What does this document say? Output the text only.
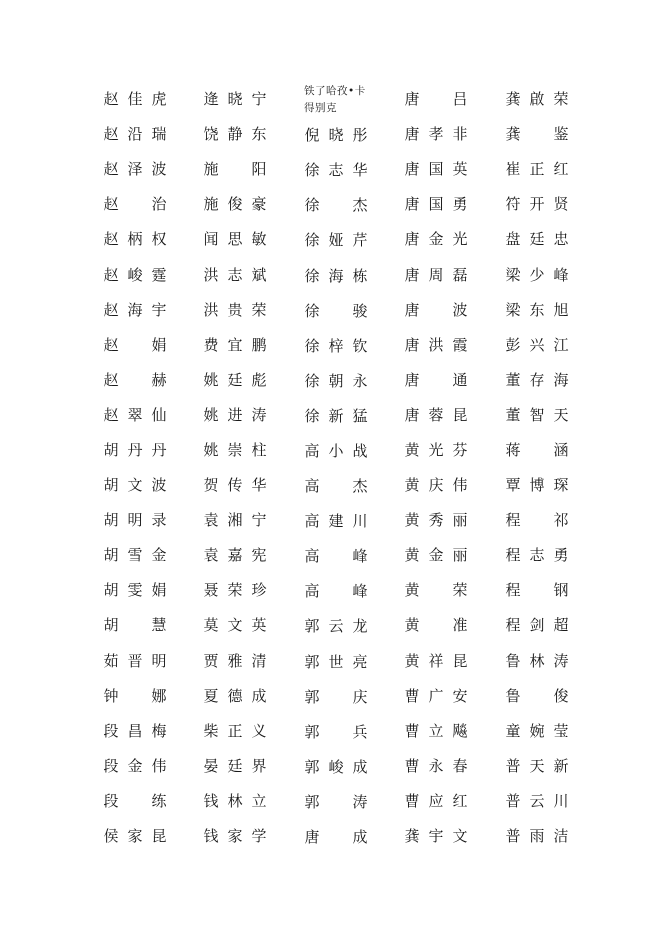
赵 佳 虎
赵 沿 瑞
赵 泽 波
赵 治
赵 柄 权
赵 峻 霆
赵 海 宇
赵 娟
赵 赫
赵 翠 仙
胡 丹 丹
胡 文 波
胡 明 录
胡 雪 金
胡 雯 娟
胡 慧
茹 晋 明
钟 娜
段 昌 梅
段 金 伟
段 练
侯 家 昆
逄 晓 宁
饶 静 东
施 阳
施 俊 豪
闻 思 敏
洪 志 斌
洪 贵 荣
费 宜 鹏
姚 廷 彪
姚 进 涛
姚 崇 柱
贺 传 华
袁 湘 宁
袁 嘉 宪
聂 荣 珍
莫 文 英
贾 雅 清
夏 德 成
柴 正 义
晏 廷 界
钱 林 立
钱 家 学
铁了哈孜•卡得别克
倪 晓 彤
徐 志 华
徐 杰
徐 娅 芹
徐 海 栋
徐 骏
徐 梓 钦
徐 朝 永
徐 新 猛
高 小 战
高 杰
高 建 川
高 峰
高 峰
郭 云 龙
郭 世 亮
郭 庆
郭 兵
郭 峻 成
郭 涛
唐 成
唐 吕
唐 孝 非
唐 国 英
唐 国 勇
唐 金 光
唐 周 磊
唐 波
唐 洪 霞
唐 通
唐 蓉 昆
黄 光 芬
黄 庆 伟
黄 秀 丽
黄 金 丽
黄 荣
黄 准
黄 祥 昆
曹 广 安
曹 立 飚
曹 永 春
曹 应 红
龚 宇 文
龚 啟 荣
龚 鉴
崔 正 红
符 开 贤
盘 廷 忠
梁 少 峰
梁 东 旭
彭 兴 江
董 存 海
董 智 天
蒋 涵
覃 博 琛
程 祁
程 志 勇
程 钢
程 剑 超
鲁 林 涛
鲁 俊
童 婉 莹
普 天 新
普 云 川
普 雨 洁
